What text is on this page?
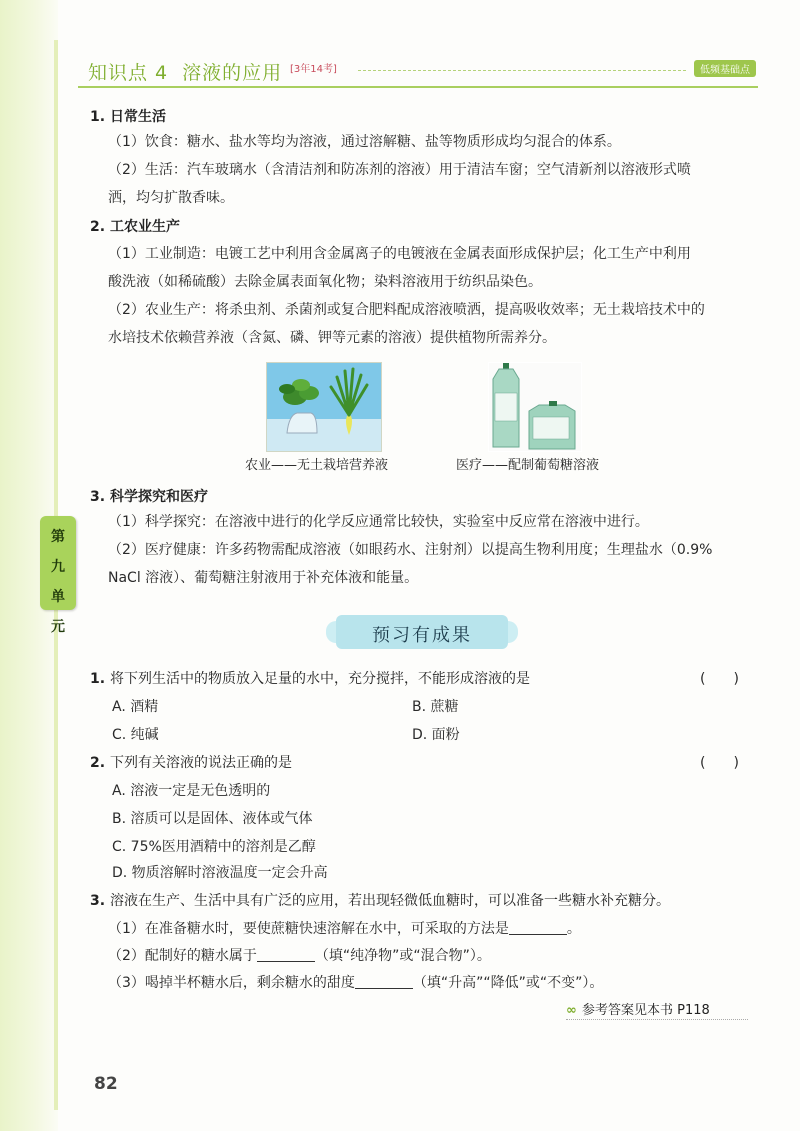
知识点 4 溶液的应用 [3年14考]	低频基础点
1. 日常生活
（1）饮食：糖水、盐水等均为溶液，通过溶解糖、盐等物质形成均匀混合的体系。
（2）生活：汽车玻璃水（含清洁剂和防冻剂的溶液）用于清洁车窗；空气清新剂以溶液形式喷
洒，均匀扩散香味。
2. 工农业生产
（1）工业制造：电镀工艺中利用含金属离子的电镀液在金属表面形成保护层；化工生产中利用
酸洗液（如稀硫酸）去除金属表面氧化物；染料溶液用于纺织品染色。
（2）农业生产：将杀虫剂、杀菌剂或复合肥料配成溶液喷洒，提高吸收效率；无土栽培技术中的
水培技术依赖营养液（含氮、磷、钾等元素的溶液）提供植物所需养分。
农业——无土栽培营养液	医疗——配制葡萄糖溶液
3. 科学探究和医疗
（1）科学探究：在溶液中进行的化学反应通常比较快，实验室中反应常在溶液中进行。
（2）医疗健康：许多药物需配成溶液（如眼药水、注射剂）以提高生物利用度；生理盐水（0.9%
NaCl 溶液）、葡萄糖注射液用于补充体液和能量。
第
九
单
元	预习有成果
1. 将下列生活中的物质放入足量的水中，充分搅拌，不能形成溶液的是	(　　)
A. 酒精	B. 蔗糖
C. 纯碱	D. 面粉
2. 下列有关溶液的说法正确的是	(　　)
A. 溶液一定是无色透明的
B. 溶质可以是固体、液体或气体
C. 75%医用酒精中的溶剂是乙醇
D. 物质溶解时溶液温度一定会升高
3. 溶液在生产、生活中具有广泛的应用，若出现轻微低血糖时，可以准备一些糖水补充糖分。
（1）在准备糖水时，要使蔗糖快速溶解在水中，可采取的方法是	。
（2）配制好的糖水属于	（填“纯净物”或“混合物”）。
（3）喝掉半杯糖水后，剩余糖水的甜度	（填“升高”“降低”或“不变”）。
∞ 参考答案见本书 P118
82
